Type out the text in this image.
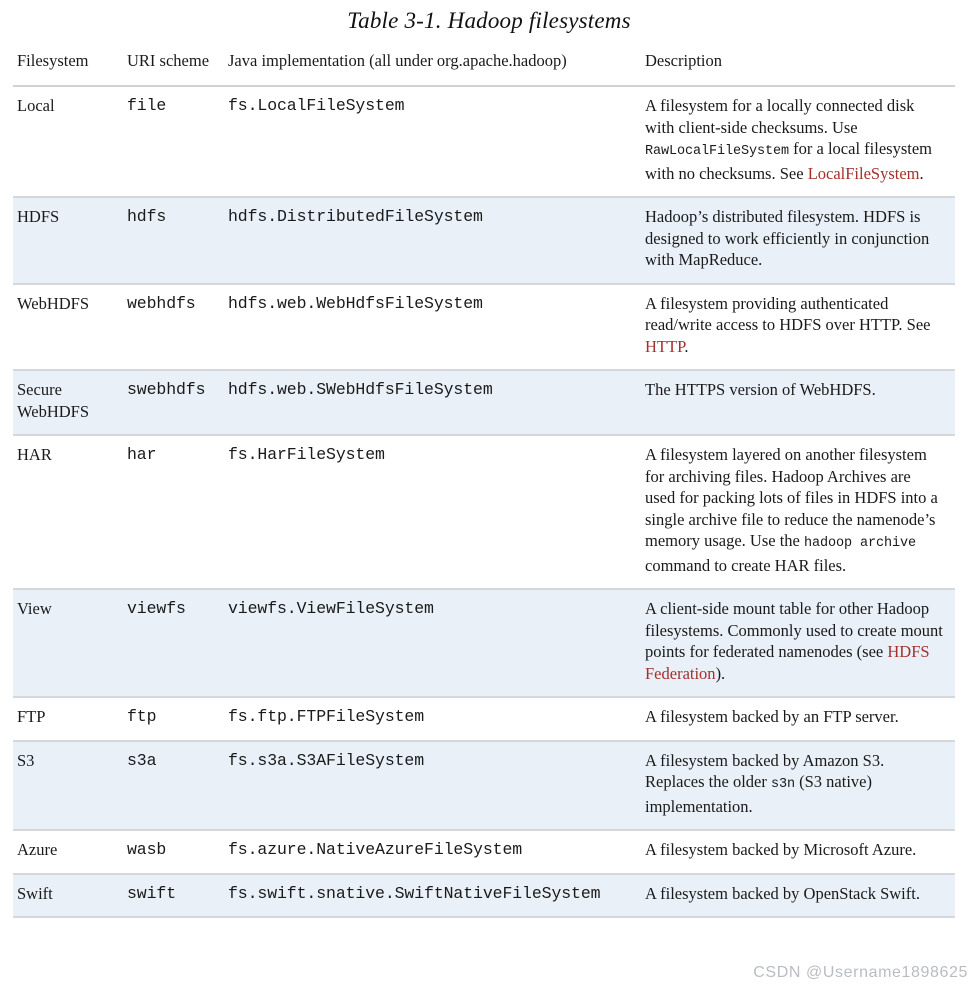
Table 3-1. Hadoop filesystems
Filesystem	URI scheme	Java implementation (all under org.apache.hadoop)	Description
Local	file	fs.LocalFileSystem	A filesystem for a locally connected disk with client-side checksums. Use RawLocalFileSystem for a local filesystem with no checksums. See LocalFileSystem.
HDFS	hdfs	hdfs.DistributedFileSystem	Hadoop’s distributed filesystem. HDFS is designed to work efficiently in conjunction with MapReduce.
WebHDFS	webhdfs	hdfs.web.WebHdfsFileSystem	A filesystem providing authenticated read/write access to HDFS over HTTP. See HTTP.
Secure WebHDFS	swebhdfs	hdfs.web.SWebHdfsFileSystem	The HTTPS version of WebHDFS.
HAR	har	fs.HarFileSystem	A filesystem layered on another filesystem for archiving files. Hadoop Archives are used for packing lots of files in HDFS into a single archive file to reduce the namenode’s memory usage. Use the hadoop archive command to create HAR files.
View	viewfs	viewfs.ViewFileSystem	A client-side mount table for other Hadoop filesystems. Commonly used to create mount points for federated namenodes (see HDFS Federation).
FTP	ftp	fs.ftp.FTPFileSystem	A filesystem backed by an FTP server.
S3	s3a	fs.s3a.S3AFileSystem	A filesystem backed by Amazon S3. Replaces the older s3n (S3 native) implementation.
Azure	wasb	fs.azure.NativeAzureFileSystem	A filesystem backed by Microsoft Azure.
Swift	swift	fs.swift.snative.SwiftNativeFileSystem	A filesystem backed by OpenStack Swift.
CSDN @Username1898625
